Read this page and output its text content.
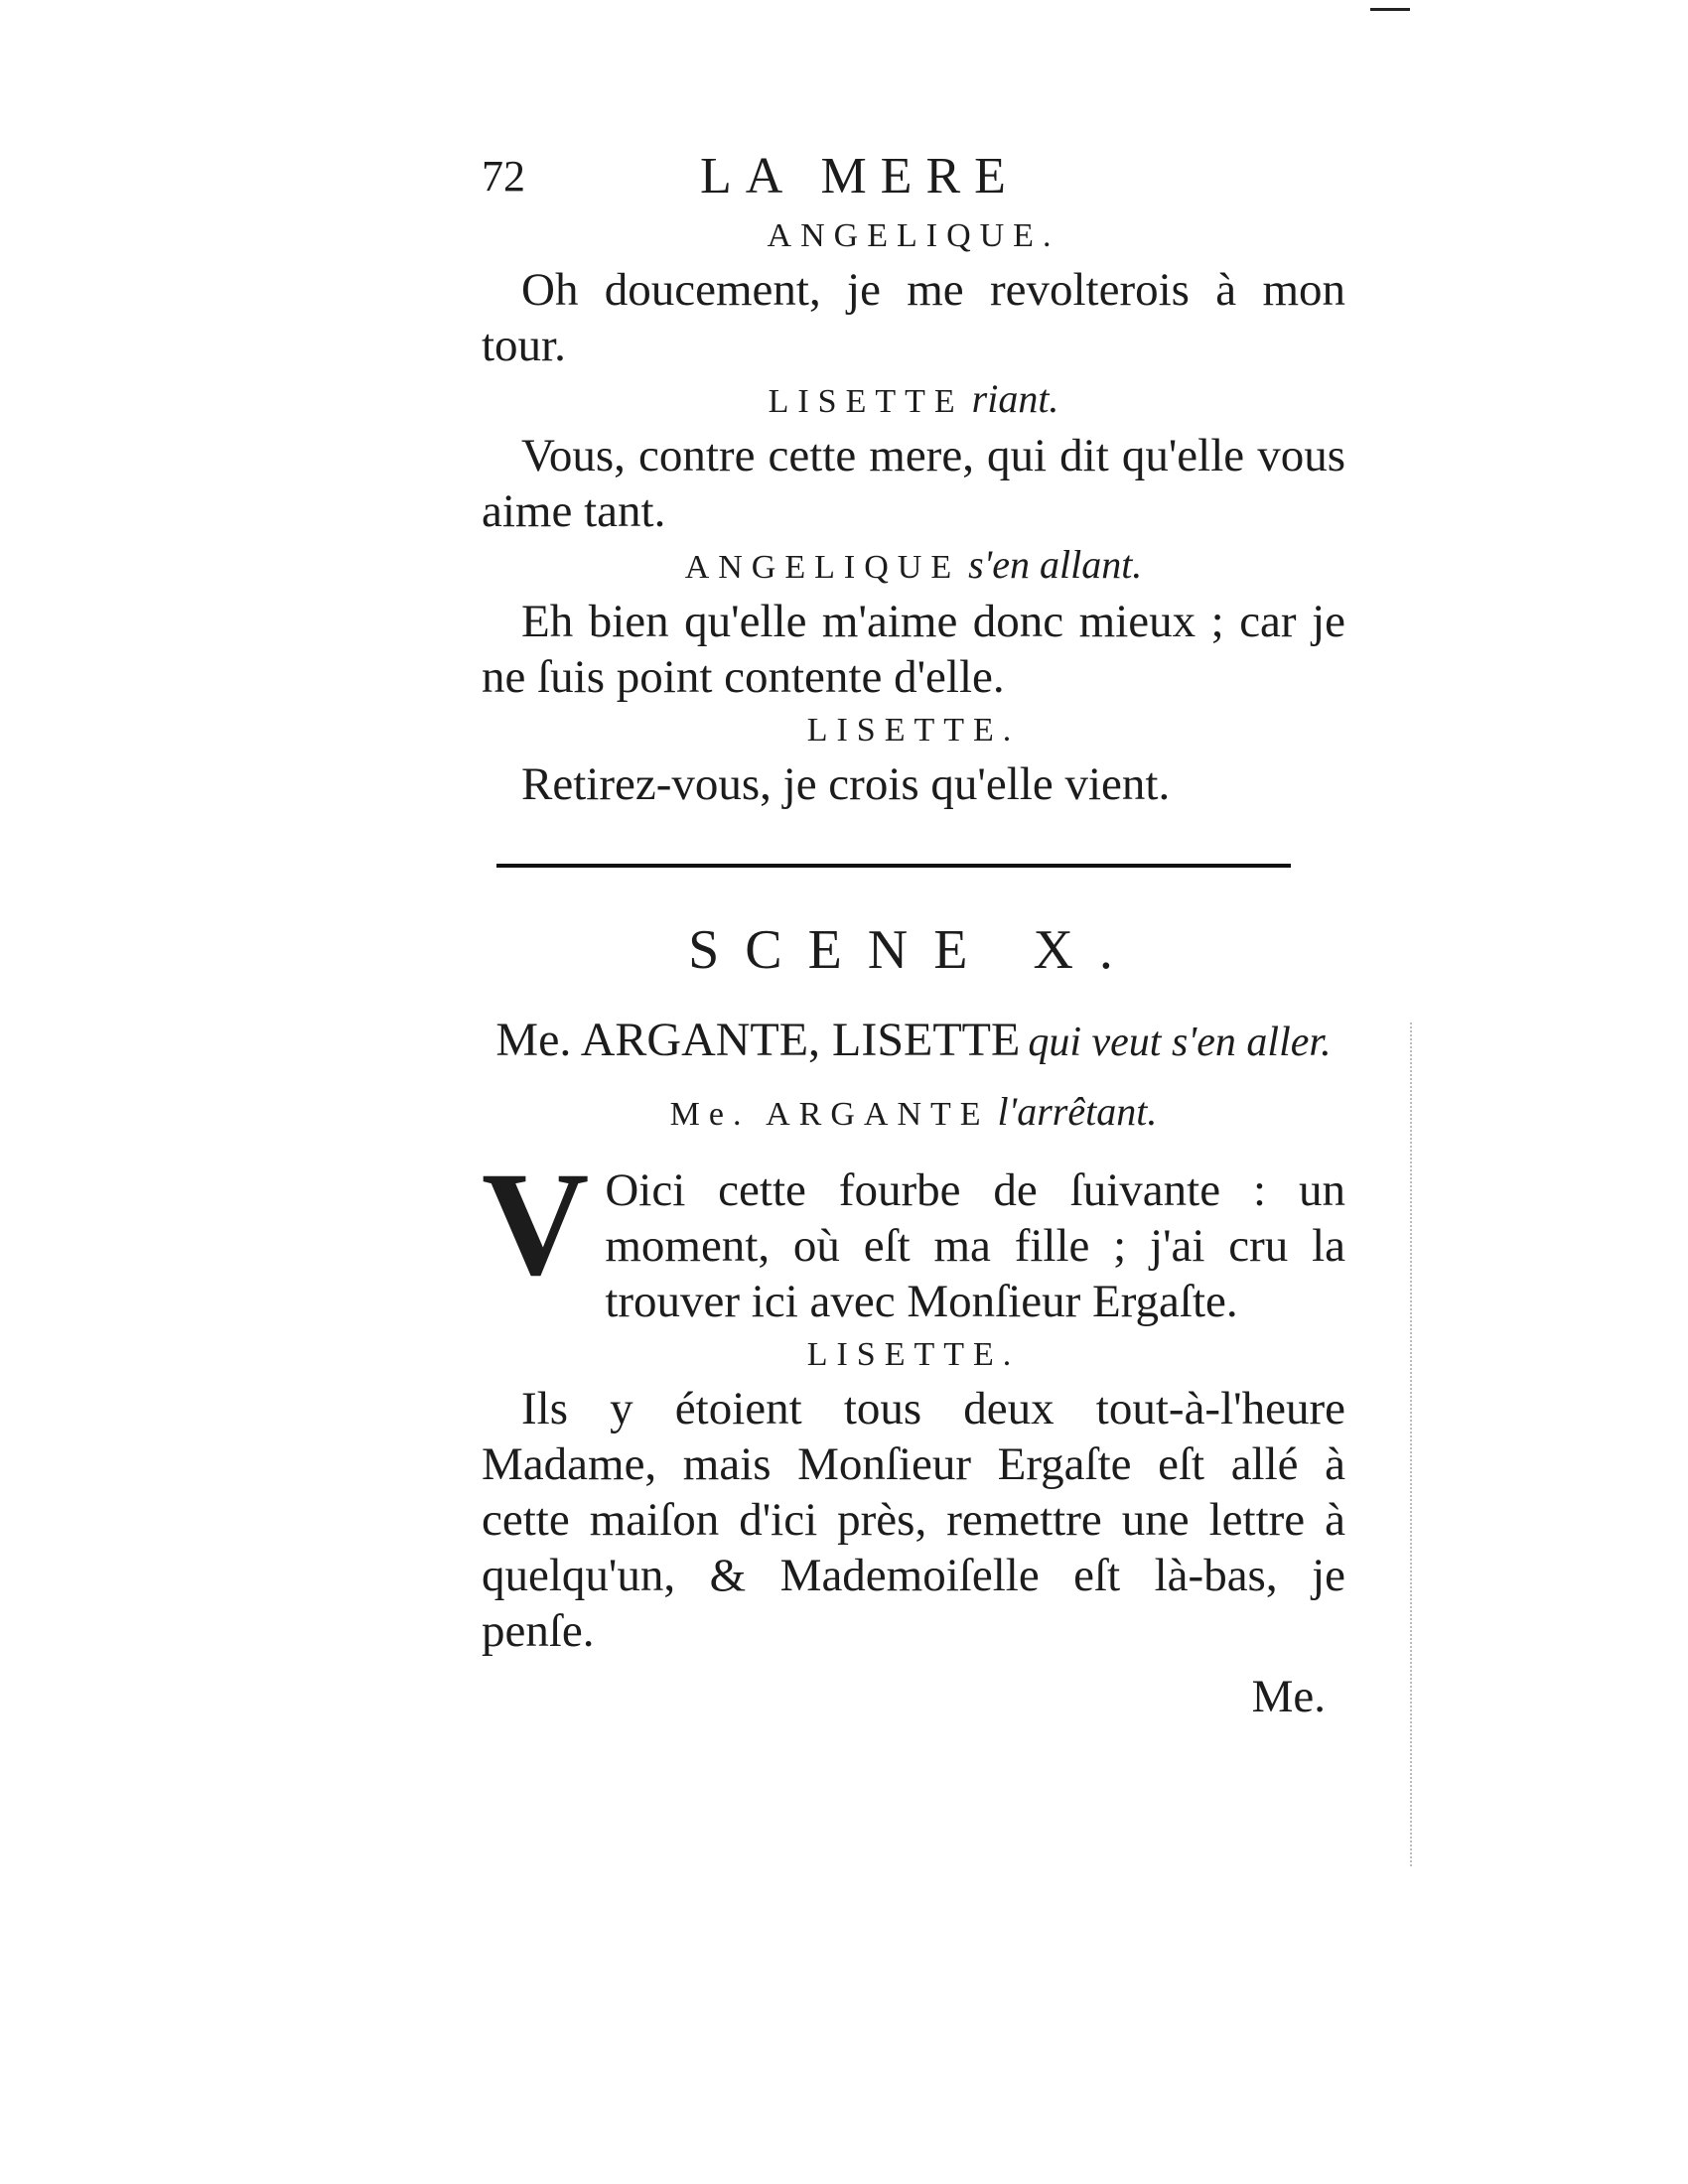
72	LA MERE
ANGELIQUE.

Oh doucement, je me revolterois à mon tour.

LISETTE riant.

Vous, contre cette mere, qui dit qu'elle vous aime tant.

ANGELIQUE s'en allant.

Eh bien qu'elle m'aime donc mieux ; car je ne ſuis point contente d'elle.

LISETTE.

Retirez-vous, je crois qu'elle vient.

SCENE X.
Me. ARGANTE, LISETTE qui veut s'en aller.
Me. ARGANTE l'arrêtant.

V Oici cette fourbe de ſuivante : un moment, où eſt ma fille ; j'ai cru la trouver ici avec Monſieur Ergaſte.

LISETTE.

Ils y étoient tous deux tout-à-l'heure Madame, mais Monſieur Ergaſte eſt allé à cette maiſon d'ici près, remettre une lettre à quelqu'un, & Mademoiſelle eſt là-bas, je penſe.

Me.
